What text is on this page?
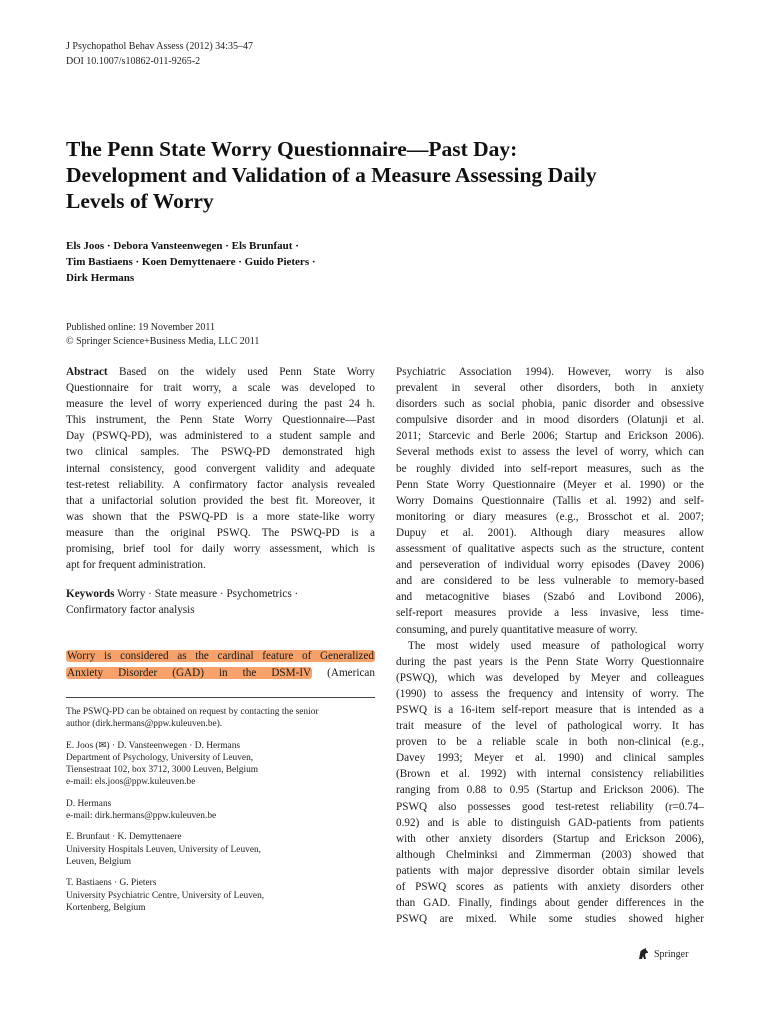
J Psychopathol Behav Assess (2012) 34:35–47
DOI 10.1007/s10862-011-9265-2
The Penn State Worry Questionnaire—Past Day:
Development and Validation of a Measure Assessing Daily
Levels of Worry
Els Joos · Debora Vansteenwegen · Els Brunfaut ·
Tim Bastiaens · Koen Demyttenaere · Guido Pieters ·
Dirk Hermans
Published online: 19 November 2011
© Springer Science+Business Media, LLC 2011
Abstract Based on the widely used Penn State Worry
Questionnaire for trait worry, a scale was developed to
measure the level of worry experienced during the past 24 h.
This instrument, the Penn State Worry Questionnaire—Past
Day (PSWQ-PD), was administered to a student sample and
two clinical samples. The PSWQ-PD demonstrated high
internal consistency, good convergent validity and adequate
test-retest reliability. A confirmatory factor analysis revealed
that a unifactorial solution provided the best fit. Moreover, it
was shown that the PSWQ-PD is a more state-like worry
measure than the original PSWQ. The PSWQ-PD is a
promising, brief tool for daily worry assessment, which is
apt for frequent administration.
Keywords Worry · State measure · Psychometrics ·
Confirmatory factor analysis
Worry is considered as the cardinal feature of Generalized
Anxiety Disorder (GAD) in the DSM-IV (American
The PSWQ-PD can be obtained on request by contacting the senior
author (dirk.hermans@ppw.kuleuven.be).
E. Joos (✉) · D. Vansteenwegen · D. Hermans
Department of Psychology, University of Leuven,
Tiensestraat 102, box 3712, 3000 Leuven, Belgium
e-mail: els.joos@ppw.kuleuven.be
D. Hermans
e-mail: dirk.hermans@ppw.kuleuven.be
E. Brunfaut · K. Demyttenaere
University Hospitals Leuven, University of Leuven,
Leuven, Belgium
T. Bastiaens · G. Pieters
University Psychiatric Centre, University of Leuven,
Kortenberg, Belgium
Psychiatric Association 1994). However, worry is also
prevalent in several other disorders, both in anxiety
disorders such as social phobia, panic disorder and obsessive
compulsive disorder and in mood disorders (Olatunji et al.
2011; Starcevic and Berle 2006; Startup and Erickson 2006).
Several methods exist to assess the level of worry, which can
be roughly divided into self-report measures, such as the
Penn State Worry Questionnaire (Meyer et al. 1990) or the
Worry Domains Questionnaire (Tallis et al. 1992) and self-
monitoring or diary measures (e.g., Brosschot et al. 2007;
Dupuy et al. 2001). Although diary measures allow
assessment of qualitative aspects such as the structure, content
and perseveration of individual worry episodes (Davey 2006)
and are considered to be less vulnerable to memory-based
and metacognitive biases (Szabó and Lovibond 2006),
self-report measures provide a less invasive, less time-
consuming, and purely quantitative measure of worry.
The most widely used measure of pathological worry
during the past years is the Penn State Worry Questionnaire
(PSWQ), which was developed by Meyer and colleagues
(1990) to assess the frequency and intensity of worry. The
PSWQ is a 16-item self-report measure that is intended as a
trait measure of the level of pathological worry. It has
proven to be a reliable scale in both non-clinical (e.g.,
Davey 1993; Meyer et al. 1990) and clinical samples
(Brown et al. 1992) with internal consistency reliabilities
ranging from 0.88 to 0.95 (Startup and Erickson 2006). The
PSWQ also possesses good test-retest reliability (r=0.74–
0.92) and is able to distinguish GAD-patients from patients
with other anxiety disorders (Startup and Erickson 2006),
although Chelminksi and Zimmerman (2003) showed that
patients with major depressive disorder obtain similar levels
of PSWQ scores as patients with anxiety disorders other
than GAD. Finally, findings about gender differences in the
PSWQ are mixed. While some studies showed higher
Springer
